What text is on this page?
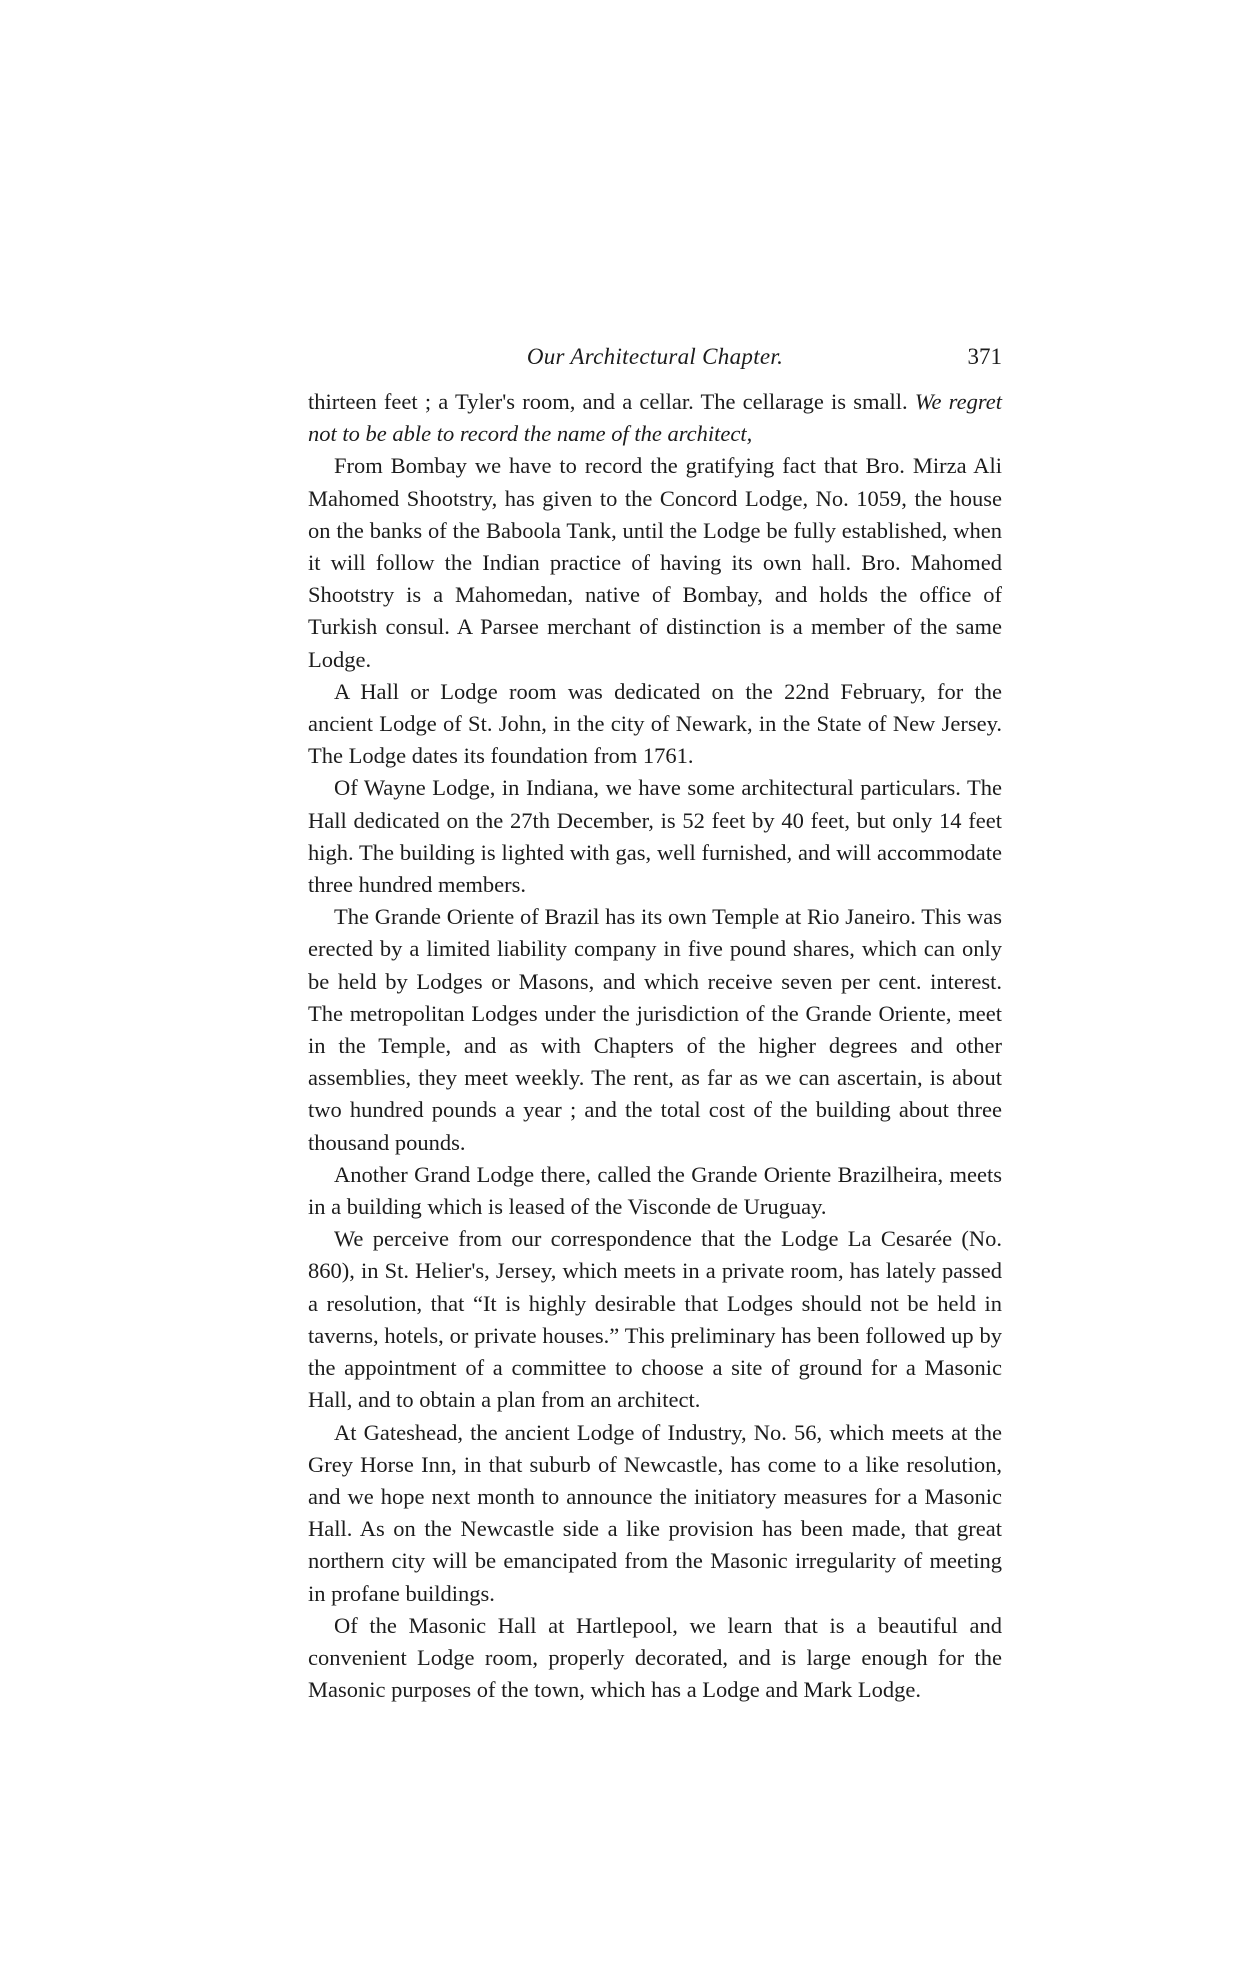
Our Architectural Chapter.	371

thirteen feet ; a Tyler's room, and a cellar. The cellarage is small. We regret not to be able to record the name of the architect,

From Bombay we have to record the gratifying fact that Bro. Mirza Ali Mahomed Shootstry, has given to the Concord Lodge, No. 1059, the house on the banks of the Baboola Tank, until the Lodge be fully established, when it will follow the Indian practice of having its own hall. Bro. Mahomed Shootstry is a Mahomedan, native of Bombay, and holds the office of Turkish consul. A Parsee merchant of distinction is a member of the same Lodge.

A Hall or Lodge room was dedicated on the 22nd February, for the ancient Lodge of St. John, in the city of Newark, in the State of New Jersey. The Lodge dates its foundation from 1761.

Of Wayne Lodge, in Indiana, we have some architectural particulars. The Hall dedicated on the 27th December, is 52 feet by 40 feet, but only 14 feet high. The building is lighted with gas, well furnished, and will accommodate three hundred members.

The Grande Oriente of Brazil has its own Temple at Rio Janeiro. This was erected by a limited liability company in five pound shares, which can only be held by Lodges or Masons, and which receive seven per cent. interest. The metropolitan Lodges under the jurisdiction of the Grande Oriente, meet in the Temple, and as with Chapters of the higher degrees and other assemblies, they meet weekly. The rent, as far as we can ascertain, is about two hundred pounds a year ; and the total cost of the building about three thousand pounds.

Another Grand Lodge there, called the Grande Oriente Brazilheira, meets in a building which is leased of the Visconde de Uruguay.

We perceive from our correspondence that the Lodge La Cesarée (No. 860), in St. Helier's, Jersey, which meets in a private room, has lately passed a resolution, that “It is highly desirable that Lodges should not be held in taverns, hotels, or private houses.” This preliminary has been followed up by the appointment of a committee to choose a site of ground for a Masonic Hall, and to obtain a plan from an architect.

At Gateshead, the ancient Lodge of Industry, No. 56, which meets at the Grey Horse Inn, in that suburb of Newcastle, has come to a like resolution, and we hope next month to announce the initiatory measures for a Masonic Hall. As on the Newcastle side a like provision has been made, that great northern city will be emancipated from the Masonic irregularity of meeting in profane buildings.

Of the Masonic Hall at Hartlepool, we learn that is a beautiful and convenient Lodge room, properly decorated, and is large enough for the Masonic purposes of the town, which has a Lodge and Mark Lodge.
